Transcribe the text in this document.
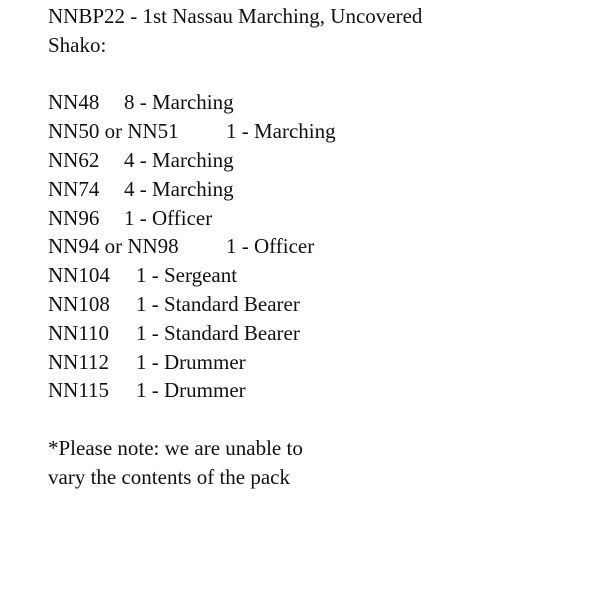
NNBP22 - 1st Nassau Marching, Uncovered
Shako:
NN48 8 - Marching
NN50 or NN51 1 - Marching
NN62 4 - Marching
NN74 4 - Marching
NN96 1 - Officer
NN94 or NN98 1 - Officer
NN104 1 - Sergeant
NN108 1 - Standard Bearer
NN110 1 - Standard Bearer
NN112 1 - Drummer
NN115 1 - Drummer
*Please note: we are unable to
vary the contents of the pack
